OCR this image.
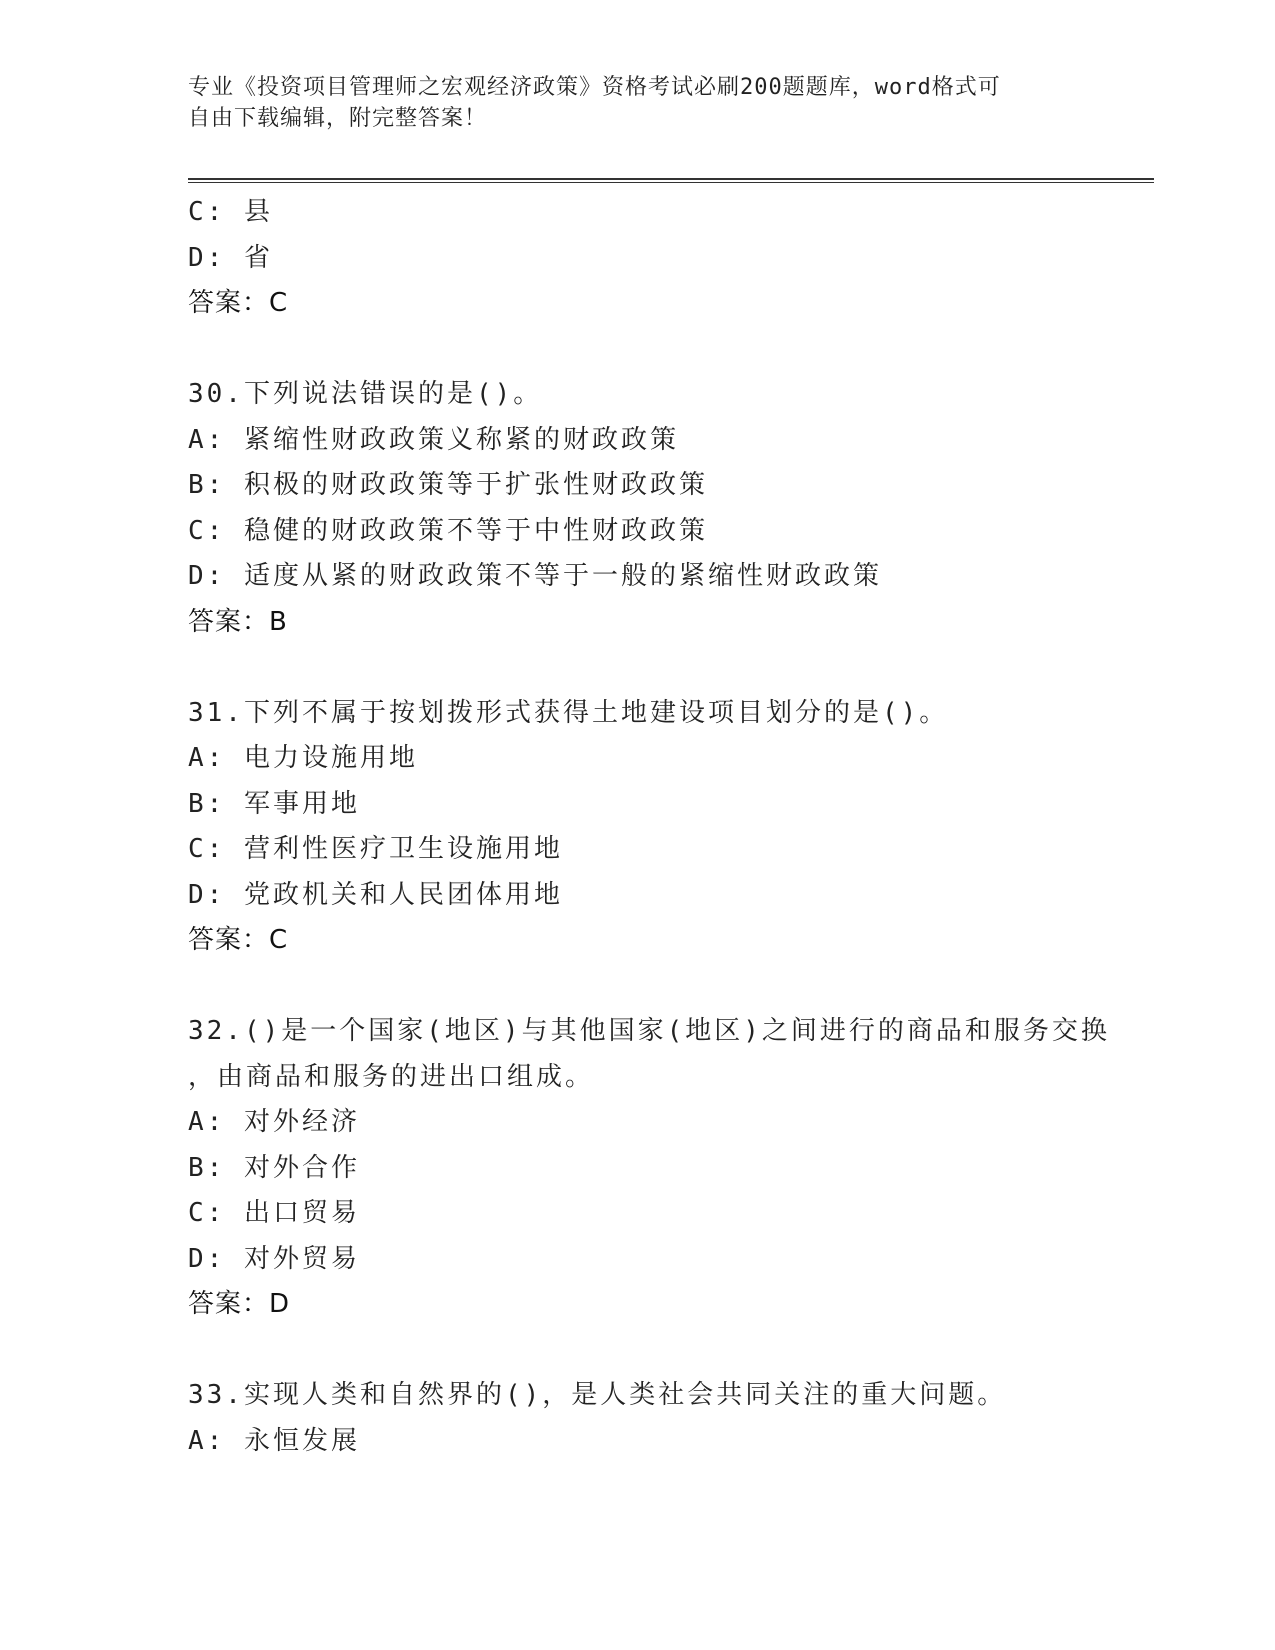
专业《投资项目管理师之宏观经济政策》资格考试必刷200题题库，word格式可
自由下载编辑，附完整答案！
C: 县
D: 省
答案：C
30.下列说法错误的是()。
A: 紧缩性财政政策义称紧的财政政策
B: 积极的财政政策等于扩张性财政政策
C: 稳健的财政政策不等于中性财政政策
D: 适度从紧的财政政策不等于一般的紧缩性财政政策
答案：B
31.下列不属于按划拨形式获得土地建设项目划分的是()。
A: 电力设施用地
B: 军事用地
C: 营利性医疗卫生设施用地
D: 党政机关和人民团体用地
答案：C
32.()是一个国家(地区)与其他国家(地区)之间进行的商品和服务交换
，由商品和服务的进出口组成。
A: 对外经济
B: 对外合作
C: 出口贸易
D: 对外贸易
答案：D
33.实现人类和自然界的()，是人类社会共同关注的重大问题。
A: 永恒发展
